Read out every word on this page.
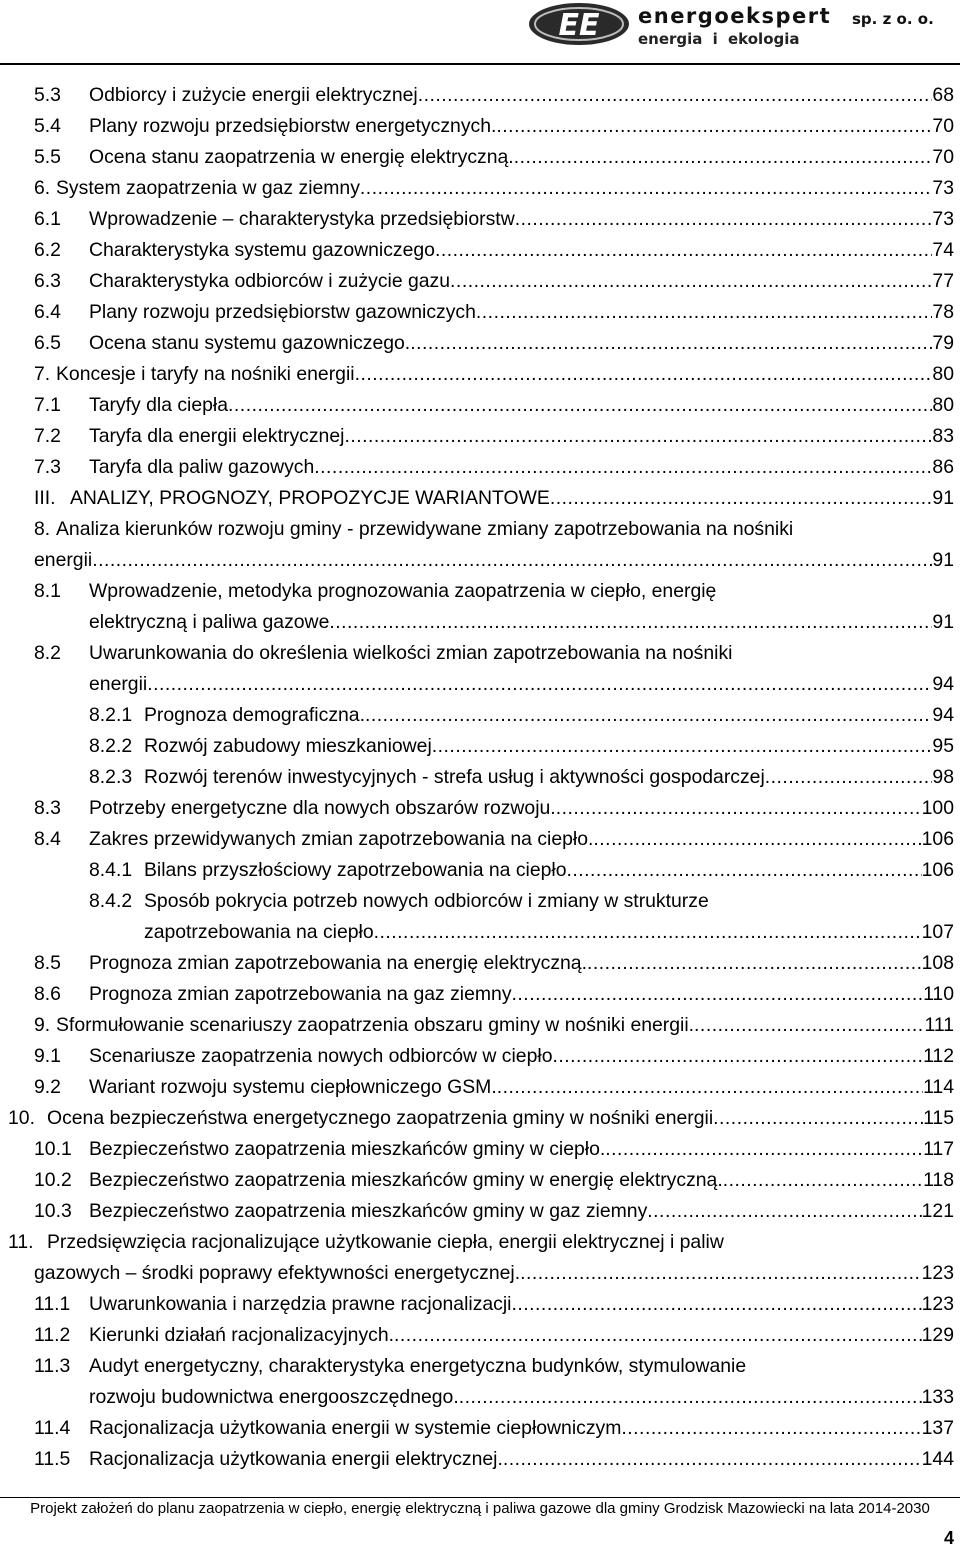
EE energoekspert sp. z o. o.
energia i ekologia
5.3 Odbiorcy i zużycie energii elektrycznej .....	68
5.4 Plany rozwoju przedsiębiorstw energetycznych. .....	70
5.5 Ocena stanu zaopatrzenia w energię elektryczną. .....	70
6. System zaopatrzenia w gaz ziemny .....	73
6.1 Wprowadzenie – charakterystyka przedsiębiorstw .....	73
6.2 Charakterystyka systemu gazowniczego .....	74
6.3 Charakterystyka odbiorców i zużycie gazu .....	77
6.4 Plany rozwoju przedsiębiorstw gazowniczych .....	78
6.5 Ocena stanu systemu gazowniczego. .....	79
7. Koncesje i taryfy na nośniki energii .....	80
7.1 Taryfy dla ciepła .....	80
7.2 Taryfa dla energii elektrycznej .....	83
7.3 Taryfa dla paliw gazowych .....	86
III. ANALIZY, PROGNOZY, PROPOZYCJE WARIANTOWE .....	91
8. Analiza kierunków rozwoju gminy - przewidywane zmiany zapotrzebowania na nośniki
energii .....	91
8.1 Wprowadzenie, metodyka prognozowania zaopatrzenia w ciepło, energię
elektryczną i paliwa gazowe .....	91
8.2 Uwarunkowania do określenia wielkości zmian zapotrzebowania na nośniki
energii .....	94
8.2.1 Prognoza demograficzna. .....	94
8.2.2 Rozwój zabudowy mieszkaniowej .....	95
8.2.3 Rozwój terenów inwestycyjnych - strefa usług i aktywności gospodarczej .....	98
8.3 Potrzeby energetyczne dla nowych obszarów rozwoju. .....	100
8.4 Zakres przewidywanych zmian zapotrzebowania na ciepło. .....	106
8.4.1 Bilans przyszłościowy zapotrzebowania na ciepło .....	106
8.4.2 Sposób pokrycia potrzeb nowych odbiorców i zmiany w strukturze
zapotrzebowania na ciepło .....	107
8.5 Prognoza zmian zapotrzebowania na energię elektryczną. .....	108
8.6 Prognoza zmian zapotrzebowania na gaz ziemny .....	110
9. Sformułowanie scenariuszy zaopatrzenia obszaru gminy w nośniki energii. .....	111
9.1 Scenariusze zaopatrzenia nowych odbiorców w ciepło .....	112
9.2 Wariant rozwoju systemu ciepłowniczego GSM. .....	114
10. Ocena bezpieczeństwa energetycznego zaopatrzenia gminy w nośniki energii .....	115
10.1 Bezpieczeństwo zaopatrzenia mieszkańców gminy w ciepło. .....	117
10.2 Bezpieczeństwo zaopatrzenia mieszkańców gminy w energię elektryczną. .....	118
10.3 Bezpieczeństwo zaopatrzenia mieszkańców gminy w gaz ziemny .....	121
11. Przedsięwzięcia racjonalizujące użytkowanie ciepła, energii elektrycznej i paliw
gazowych – środki poprawy efektywności energetycznej. .....	123
11.1 Uwarunkowania i narzędzia prawne racjonalizacji .....	123
11.2 Kierunki działań racjonalizacyjnych. .....	129
11.3 Audyt energetyczny, charakterystyka energetyczna budynków, stymulowanie
rozwoju budownictwa energooszczędnego. .....	133
11.4 Racjonalizacja użytkowania energii w systemie ciepłowniczym .....	137
11.5 Racjonalizacja użytkowania energii elektrycznej. .....	144
Projekt założeń do planu zaopatrzenia w ciepło, energię elektryczną i paliwa gazowe dla gminy Grodzisk Mazowiecki na lata 2014-2030
4
